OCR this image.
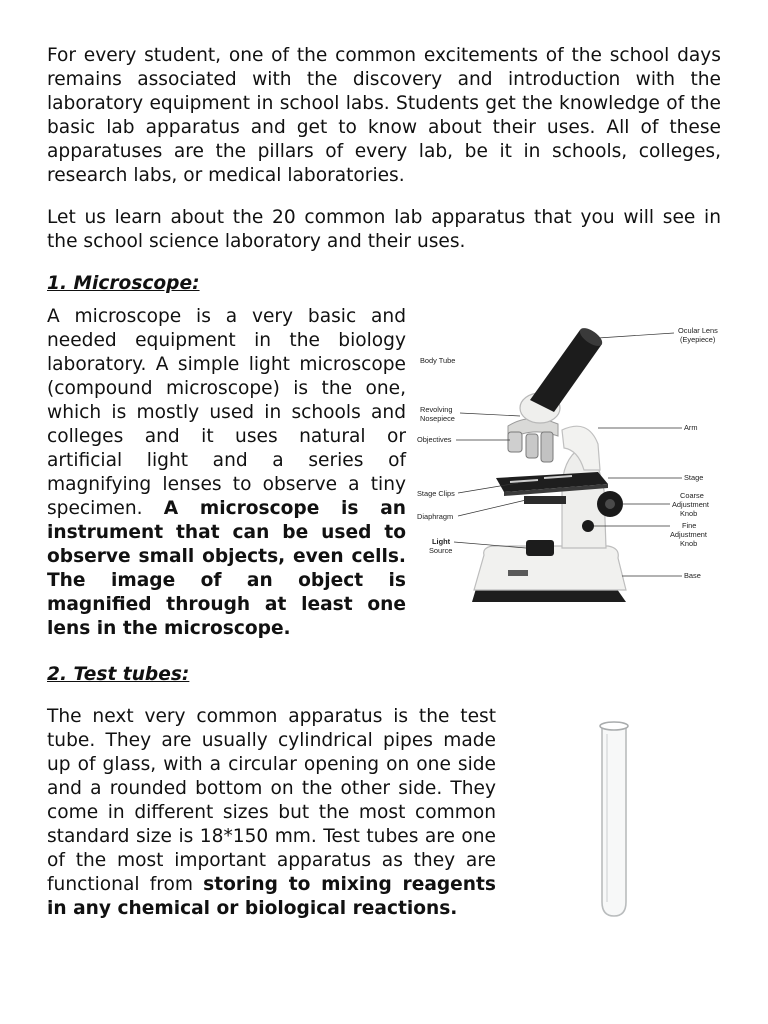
For every student, one of the common excitements of the school days remains associated with the discovery and introduction with the laboratory equipment in school labs. Students get the knowledge of the basic lab apparatus and get to know about their uses. All of these apparatuses are the pillars of every lab, be it in schools, colleges, research labs, or medical laboratories.

Let us learn about the 20 common lab apparatus that you will see in the school science laboratory and their uses.

1. Microscope:

A microscope is a very basic and needed equipment in the biology laboratory. A simple light microscope (compound microscope) is the one, which is mostly used in schools and colleges and it uses natural or artificial light and a series of magnifying lenses to observe a tiny specimen. A microscope is an instrument that can be used to observe small objects, even cells. The image of an object is magnified through at least one lens in the microscope.

Ocular Lens
(Eyepiece)
Body Tube
Revolving
Nosepiece
Arm
Objectives
Stage
Stage Clips	Coarse
Adjustment
Knob
Diaphragm
Fine
Adjustment
Knob
Light
Source
Base

2. Test tubes:

The next very common apparatus is the test tube. They are usually cylindrical pipes made up of glass, with a circular opening on one side and a rounded bottom on the other side. They come in different sizes but the most common standard size is 18*150 mm. Test tubes are one of the most important apparatus as they are functional from storing to mixing reagents in any chemical or biological reactions.
